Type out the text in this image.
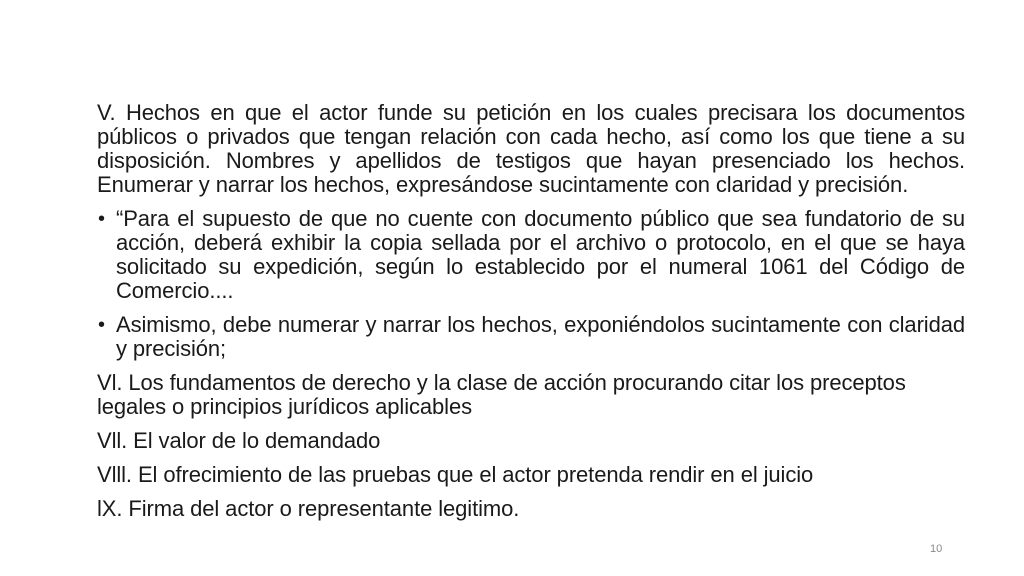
V. Hechos en que el actor funde su petición en los cuales precisara los documentos públicos o privados que tengan relación con cada hecho, así como los que tiene a su disposición. Nombres y apellidos de testigos que hayan presenciado los hechos. Enumerar y narrar los hechos, expresándose sucintamente con claridad y precisión.

• “Para el supuesto de que no cuente con documento público que sea fundatorio de su acción, deberá exhibir la copia sellada por el archivo o protocolo, en el que se haya solicitado su expedición, según lo establecido por el numeral 1061 del Código de Comercio....

• Asimismo, debe numerar y narrar los hechos, exponiéndolos sucintamente con claridad y precisión;

Vl. Los fundamentos de derecho y la clase de acción procurando citar los preceptos legales o principios jurídicos aplicables

Vll. El valor de lo demandado

Vlll. El ofrecimiento de las pruebas que el actor pretenda rendir en el juicio

lX. Firma del actor o representante legitimo.

10
